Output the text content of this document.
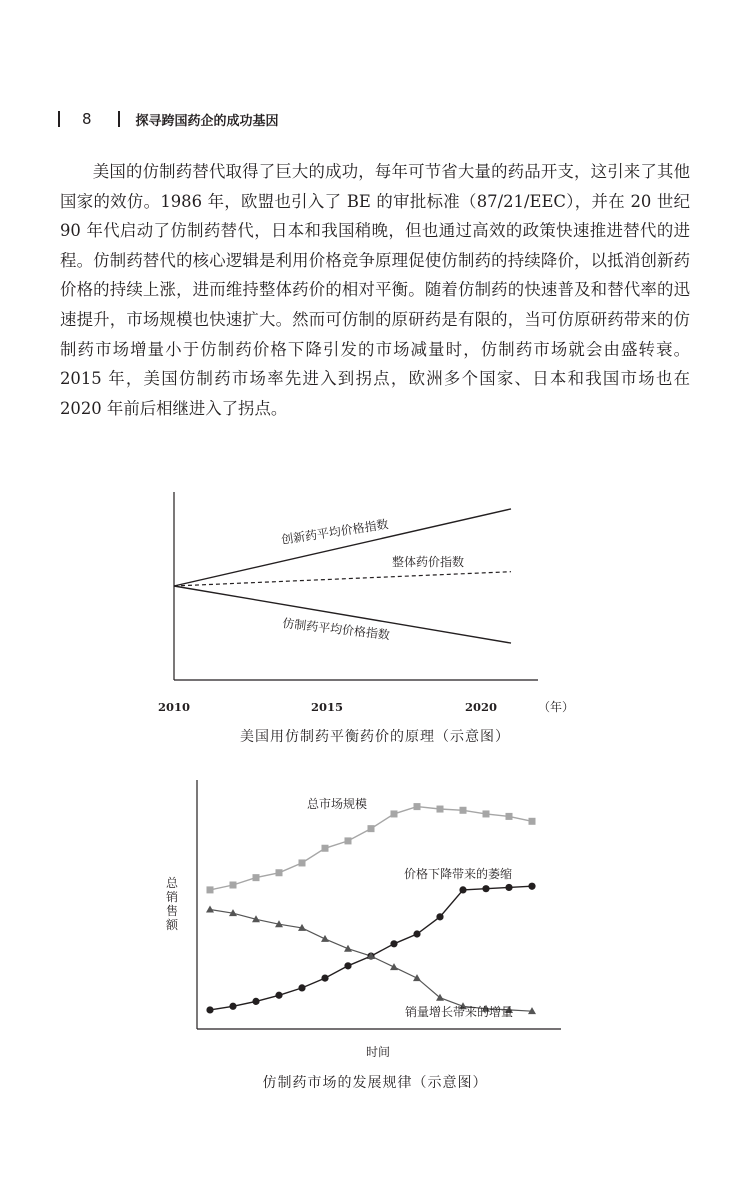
8	探寻跨国药企的成功基因

美国的仿制药替代取得了巨大的成功，每年可节省大量的药品开支，这引来了其他国家的效仿。1986 年，欧盟也引入了 BE 的审批标准（87/21/EEC），并在 20 世纪 90 年代启动了仿制药替代，日本和我国稍晚，但也通过高效的政策快速推进替代的进程。仿制药替代的核心逻辑是利用价格竞争原理促使仿制药的持续降价，以抵消创新药价格的持续上涨，进而维持整体药价的相对平衡。随着仿制药的快速普及和替代率的迅速提升，市场规模也快速扩大。然而可仿制的原研药是有限的，当可仿原研药带来的仿制药市场增量小于仿制药价格下降引发的市场减量时，仿制药市场就会由盛转衰。2015 年，美国仿制药市场率先进入到拐点，欧洲多个国家、日本和我国市场也在 2020 年前后相继进入了拐点。

创新药平均价格指数
整体药价指数
仿制药平均价格指数
2010	2015	2020	（年）
美国用仿制药平衡药价的原理（示意图）
总市场规模
价格下降带来的萎缩
销量增长带来的增量
时间
总销售额
仿制药市场的发展规律（示意图）
